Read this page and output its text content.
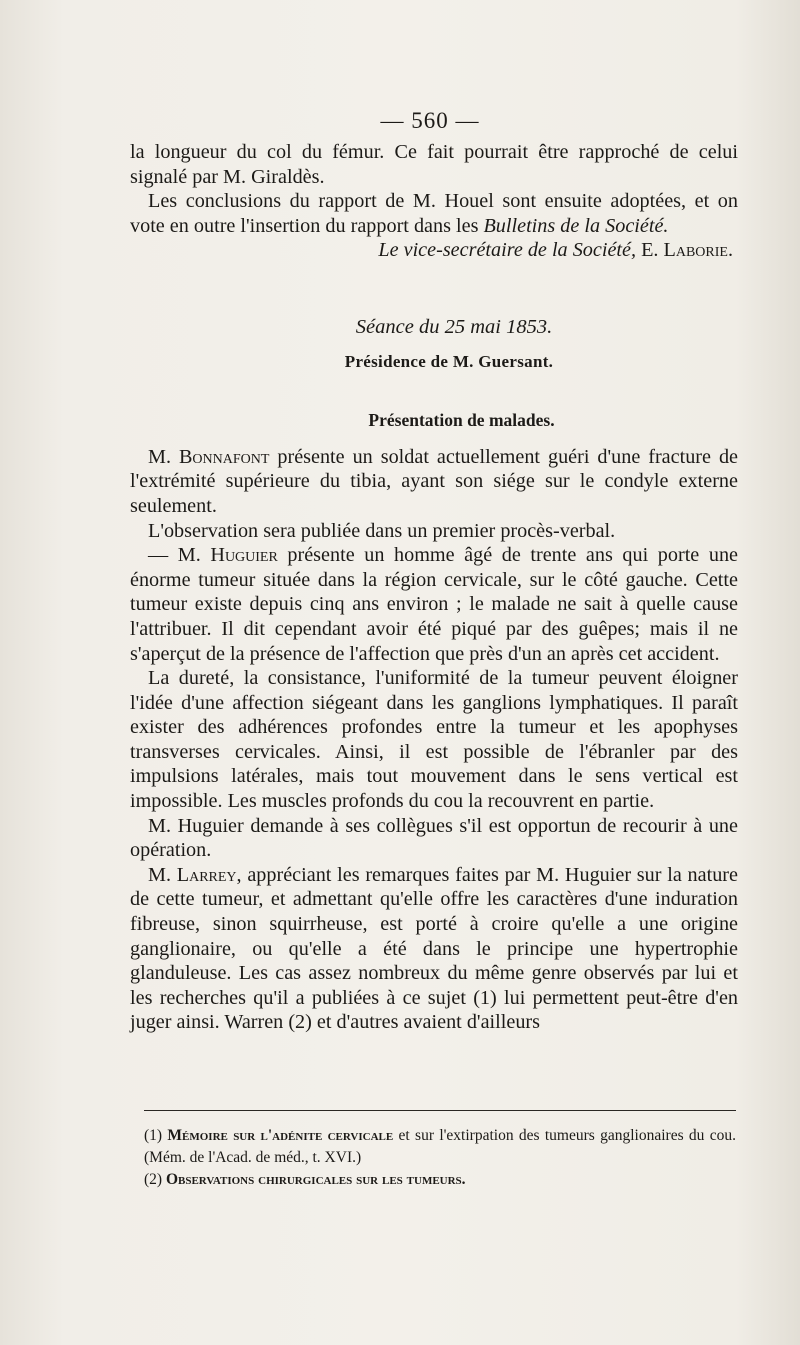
— 560 —

la longueur du col du fémur. Ce fait pourrait être rapproché de celui signalé par M. Giraldès.

Les conclusions du rapport de M. Houel sont ensuite adoptées, et on vote en outre l'insertion du rapport dans les Bulletins de la Société.

Le vice-secrétaire de la Société, E. Laborie.

Séance du 25 mai 1853.

Présidence de M. Guersant.

Présentation de malades.

M. Bonnafont présente un soldat actuellement guéri d'une fracture de l'extrémité supérieure du tibia, ayant son siége sur le condyle externe seulement.

L'observation sera publiée dans un premier procès-verbal.

— M. Huguier présente un homme âgé de trente ans qui porte une énorme tumeur située dans la région cervicale, sur le côté gauche. Cette tumeur existe depuis cinq ans environ ; le malade ne sait à quelle cause l'attribuer. Il dit cependant avoir été piqué par des guêpes; mais il ne s'aperçut de la présence de l'affection que près d'un an après cet accident.

La dureté, la consistance, l'uniformité de la tumeur peuvent éloigner l'idée d'une affection siégeant dans les ganglions lymphatiques. Il paraît exister des adhérences profondes entre la tumeur et les apophyses transverses cervicales. Ainsi, il est possible de l'ébranler par des impulsions latérales, mais tout mouvement dans le sens vertical est impossible. Les muscles profonds du cou la recouvrent en partie.

M. Huguier demande à ses collègues s'il est opportun de recourir à une opération.

M. Larrey, appréciant les remarques faites par M. Huguier sur la nature de cette tumeur, et admettant qu'elle offre les caractères d'une induration fibreuse, sinon squirrheuse, est porté à croire qu'elle a une origine ganglionaire, ou qu'elle a été dans le principe une hypertrophie glanduleuse. Les cas assez nombreux du même genre observés par lui et les recherches qu'il a publiées à ce sujet (1) lui permettent peut-être d'en juger ainsi. Warren (2) et d'autres avaient d'ailleurs

(1) Mémoire sur l'adénite cervicale et sur l'extirpation des tumeurs ganglionaires du cou. (Mém. de l'Acad. de méd., t. XVI.)

(2) Observations chirurgicales sur les tumeurs.
